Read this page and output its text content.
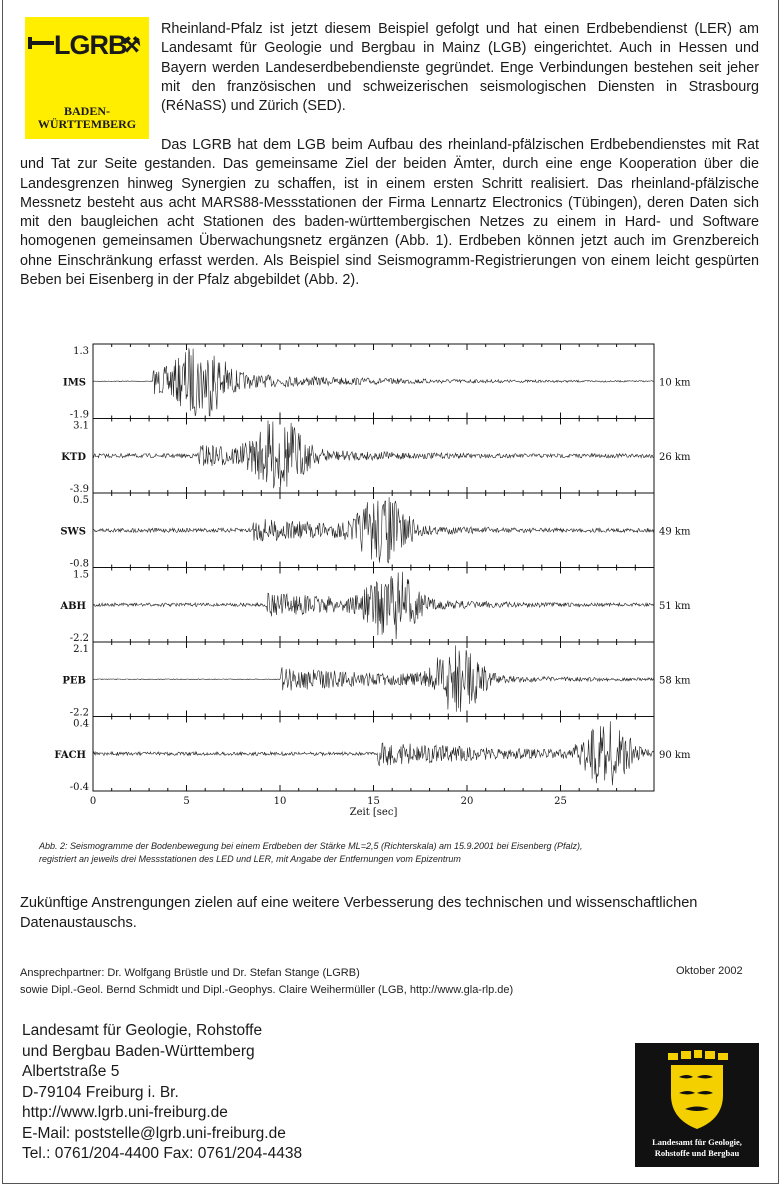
LGRB
⚒
BADEN-
WÜRTTEMBERG
Rheinland-Pfalz ist jetzt diesem Beispiel gefolgt und hat einen Erdbebendienst (LER) am Landesamt für Geologie und Bergbau in Mainz (LGB) eingerichtet. Auch in Hessen und Bayern werden Landeserdbebendienste gegründet. Enge Verbindungen bestehen seit jeher mit den französischen und schweizerischen seismologischen Diensten in Strasbourg (RéNaSS) und Zürich (SED).
Das LGRB hat dem LGB beim Aufbau des rheinland-pfälzischen Erdbebendienstes mit Rat und Tat zur Seite gestanden. Das gemeinsame Ziel der beiden Ämter, durch eine enge Kooperation über die Landesgrenzen hinweg Synergien zu schaffen, ist in einem ersten Schritt realisiert. Das rheinland-pfälzische Messnetz besteht aus acht MARS88-Messstationen der Firma Lennartz Electronics (Tübingen), deren Daten sich mit den baugleichen acht Stationen des baden-württembergischen Netzes zu einem in Hard- und Software homogenen gemeinsamen Überwachungsnetz ergänzen (Abb. 1). Erdbeben können jetzt auch im Grenzbereich ohne Einschränkung erfasst werden. Als Beispiel sind Seismogramm-Registrierungen von einem leicht gespürten Beben bei Eisenberg in der Pfalz abgebildet (Abb. 2).
1.3
-1.9
IMS	10 km
3.1
-3.9
KTD	26 km
0.5
-0.8
SWS	49 km
1.5
-2.2
ABH	51 km
2.1
-2.2
PEB	58 km
0.4
-0.4
FACH	90 km
0	5	10	15	20	25
Zeit [sec]
Abb. 2: Seismogramme der Bodenbewegung bei einem Erdbeben der Stärke ML=2,5 (Richterskala) am 15.9.2001 bei Eisenberg (Pfalz),
registriert an jeweils drei Messstationen des LED und LER, mit Angabe der Entfernungen vom Epizentrum
Zukünftige Anstrengungen zielen auf eine weitere Verbesserung des technischen und wissenschaftlichen Datenaustauschs.
Ansprechpartner: Dr. Wolfgang Brüstle und Dr. Stefan Stange (LGRB)
sowie Dipl.-Geol. Bernd Schmidt und Dipl.-Geophys. Claire Weihermüller (LGB, http://www.gla-rlp.de)
Oktober 2002
Landesamt für Geologie, Rohstoffe
und Bergbau Baden-Württemberg
Albertstraße 5
D-79104 Freiburg i. Br.
http://www.lgrb.uni-freiburg.de
E-Mail: poststelle@lgrb.uni-freiburg.de
Tel.: 0761/204-4400 Fax: 0761/204-4438
Landesamt für Geologie,
Rohstoffe und Bergbau
